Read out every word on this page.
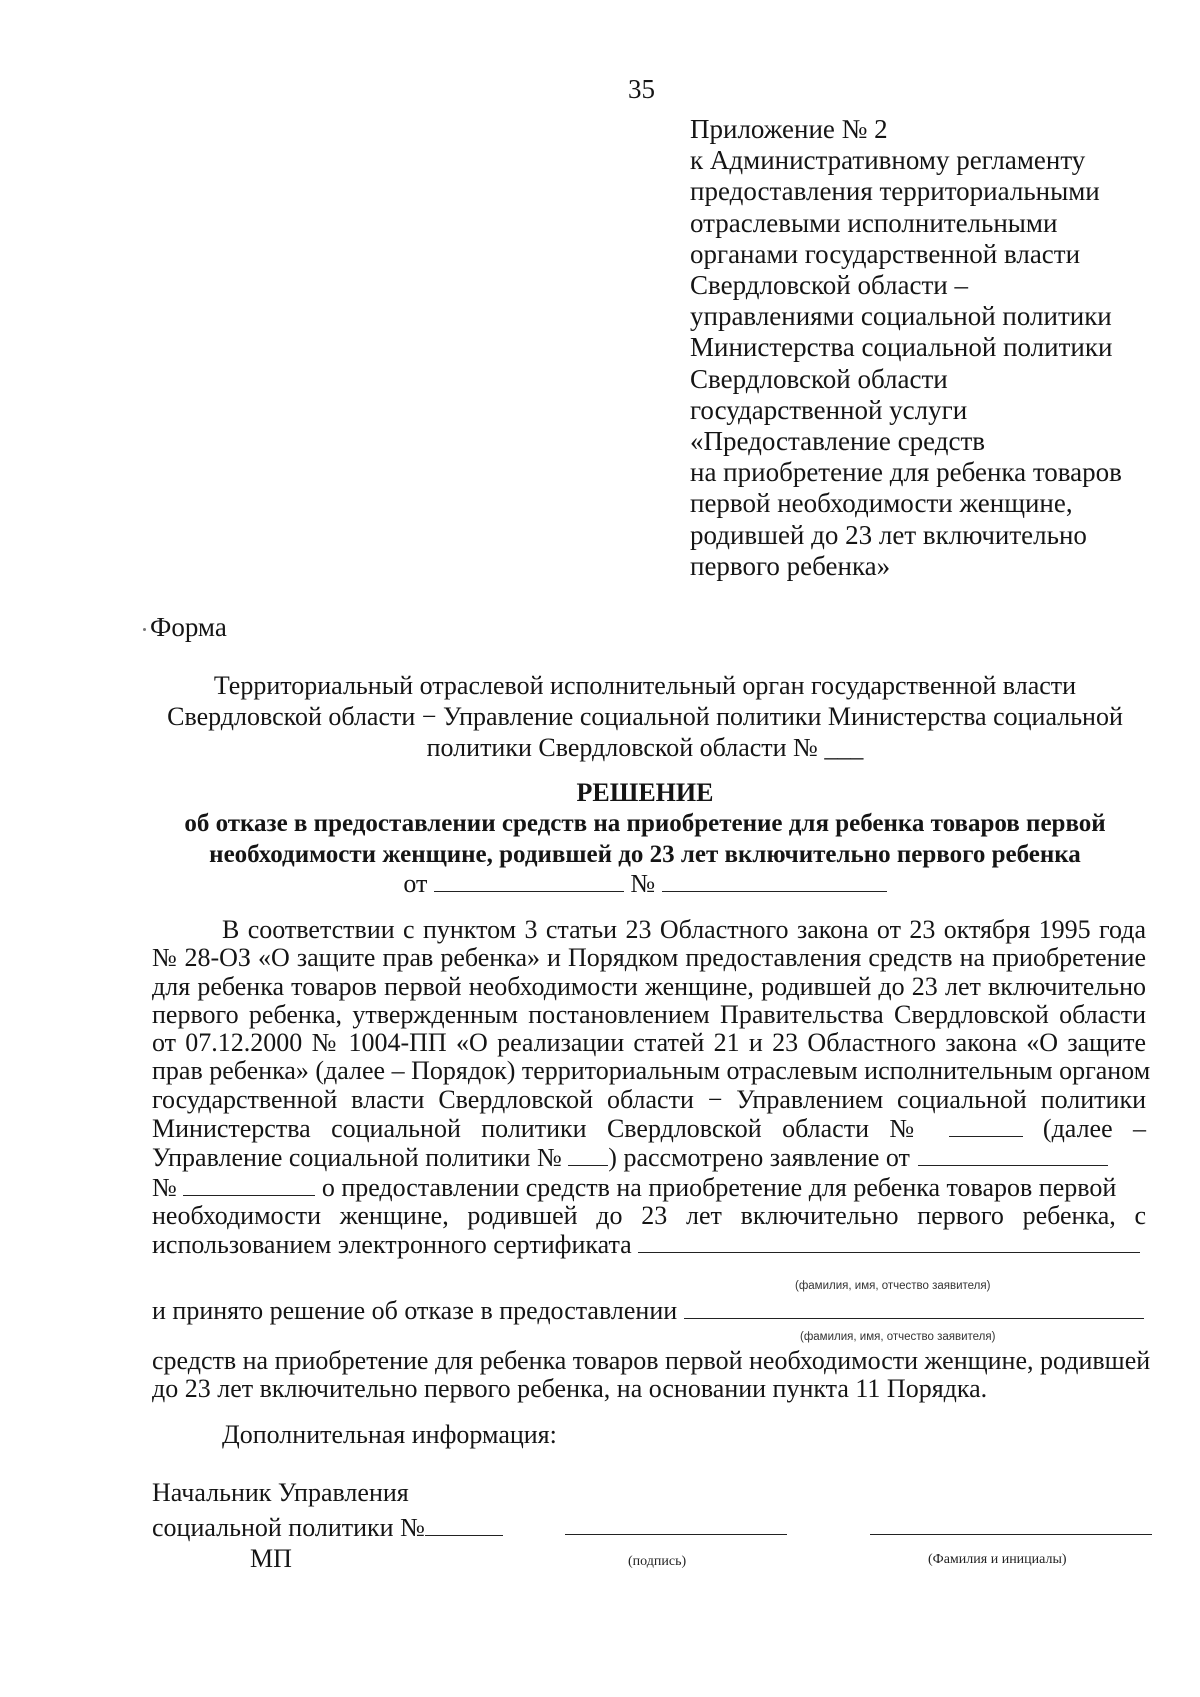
35
Приложение № 2
к Административному регламенту
предоставления территориальными
отраслевыми исполнительными
органами государственной власти
Свердловской области –
управлениями социальной политики
Министерства социальной политики
Свердловской области
государственной услуги
«Предоставление средств
на приобретение для ребенка товаров
первой необходимости женщине,
родившей до 23 лет включительно
первого ребенка»
Форма
Территориальный отраслевой исполнительный орган государственной власти
Свердловской области − Управление социальной политики Министерства социальной
политики Свердловской области № ___
РЕШЕНИЕ
об отказе в предоставлении средств на приобретение для ребенка товаров первой
необходимости женщине, родившей до 23 лет включительно первого ребенка
от	№
В соответствии с пунктом 3 статьи 23 Областного закона от 23 октября 1995 года
№ 28-ОЗ «О защите прав ребенка» и Порядком предоставления средств на приобретение
для ребенка товаров первой необходимости женщине, родившей до 23 лет включительно
первого ребенка, утвержденным постановлением Правительства Свердловской области
от 07.12.2000 № 1004-ПП «О реализации статей 21 и 23 Областного закона «О защите
прав ребенка» (далее – Порядок) территориальным отраслевым исполнительным органом
государственной власти Свердловской области − Управлением социальной политики
Министерства социальной политики Свердловской области №	(далее –
Управление социальной политики № ) рассмотрено заявление от
№	о предоставлении средств на приобретение для ребенка товаров первой
необходимости женщине, родившей до 23 лет включительно первого ребенка, с
использованием электронного сертификата
(фамилия, имя, отчество заявителя)
и принято решение об отказе в предоставлении
(фамилия, имя, отчество заявителя)
средств на приобретение для ребенка товаров первой необходимости женщине, родившей
до 23 лет включительно первого ребенка, на основании пункта 11 Порядка.
Дополнительная информация:
Начальник Управления
социальной политики №
МП	(подпись)	(Фамилия и инициалы)
